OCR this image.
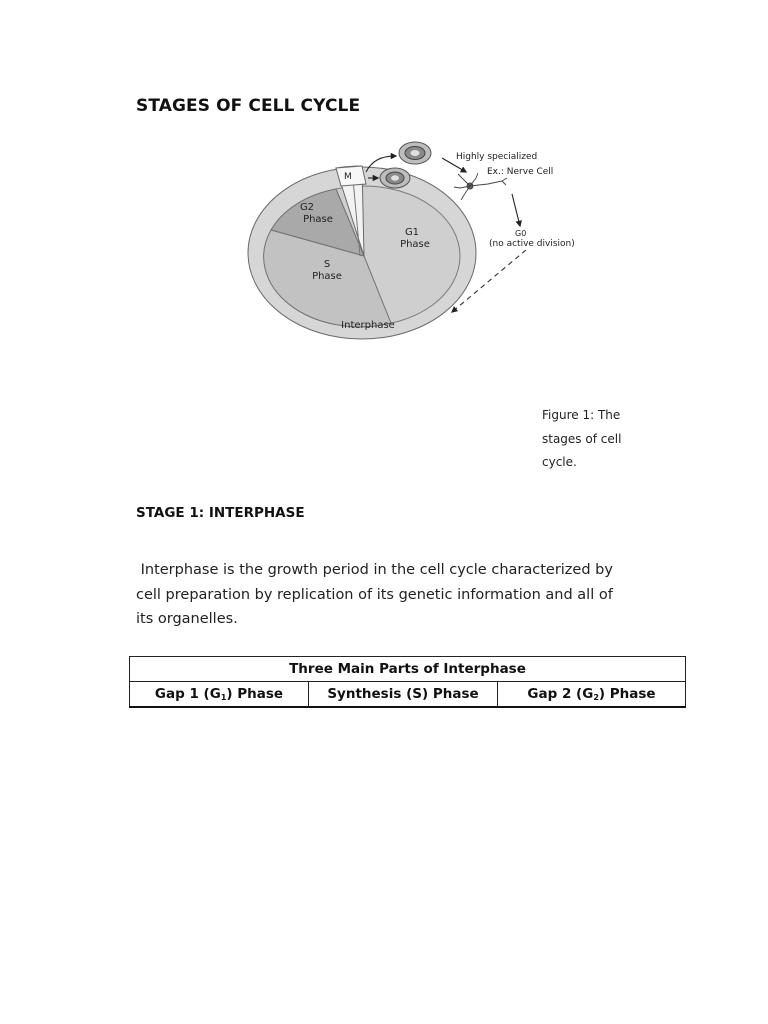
STAGES OF CELL CYCLE
M
G2
Phase
S
Phase
G1
Phase
Interphase
Highly specialized
Ex.: Nerve Cell
G0
(no active division)
Figure 1: The
stages of cell
cycle.
STAGE 1: INTERPHASE
Interphase is the growth period in the cell cycle characterized by
cell preparation by replication of its genetic information and all of
its organelles.
Three Main Parts of Interphase
Gap 1 $(G_1)$ Phase	Synthesis (S) Phase	Gap 2 $(G_2)$ Phase
